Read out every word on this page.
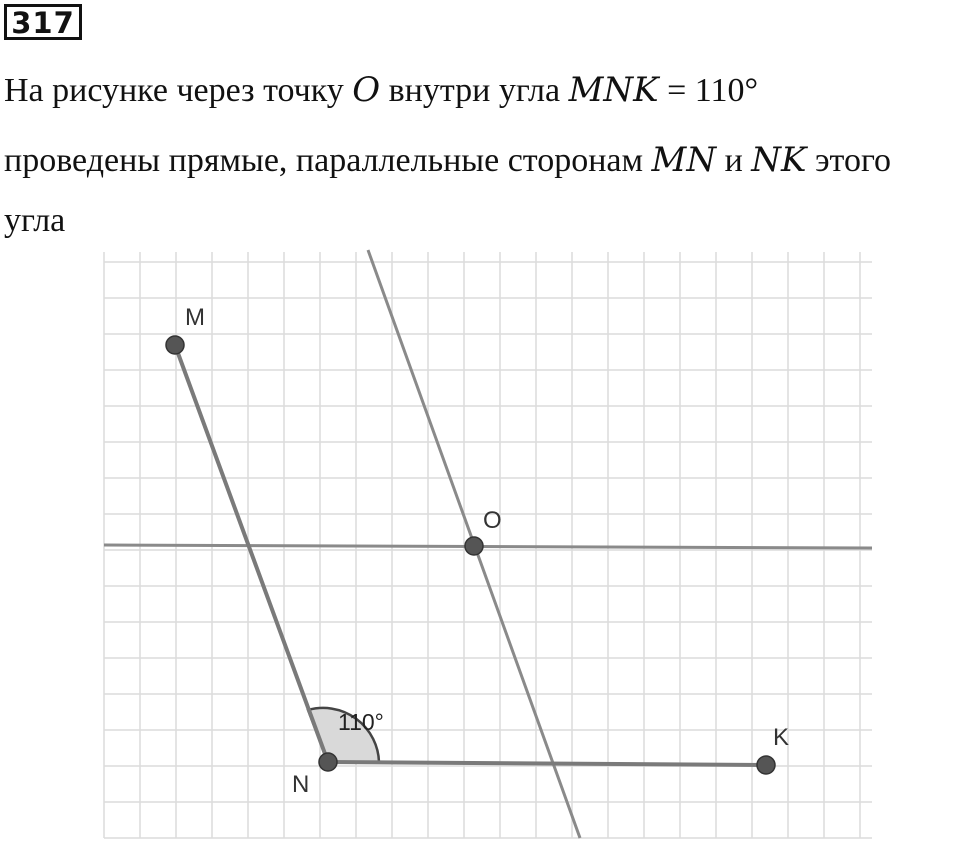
317
На рисунке через точку O внутри угла MNK = 110°
проведены прямые, параллельные сторонам MN и NK этого
угла
M
N
K
O
110°
